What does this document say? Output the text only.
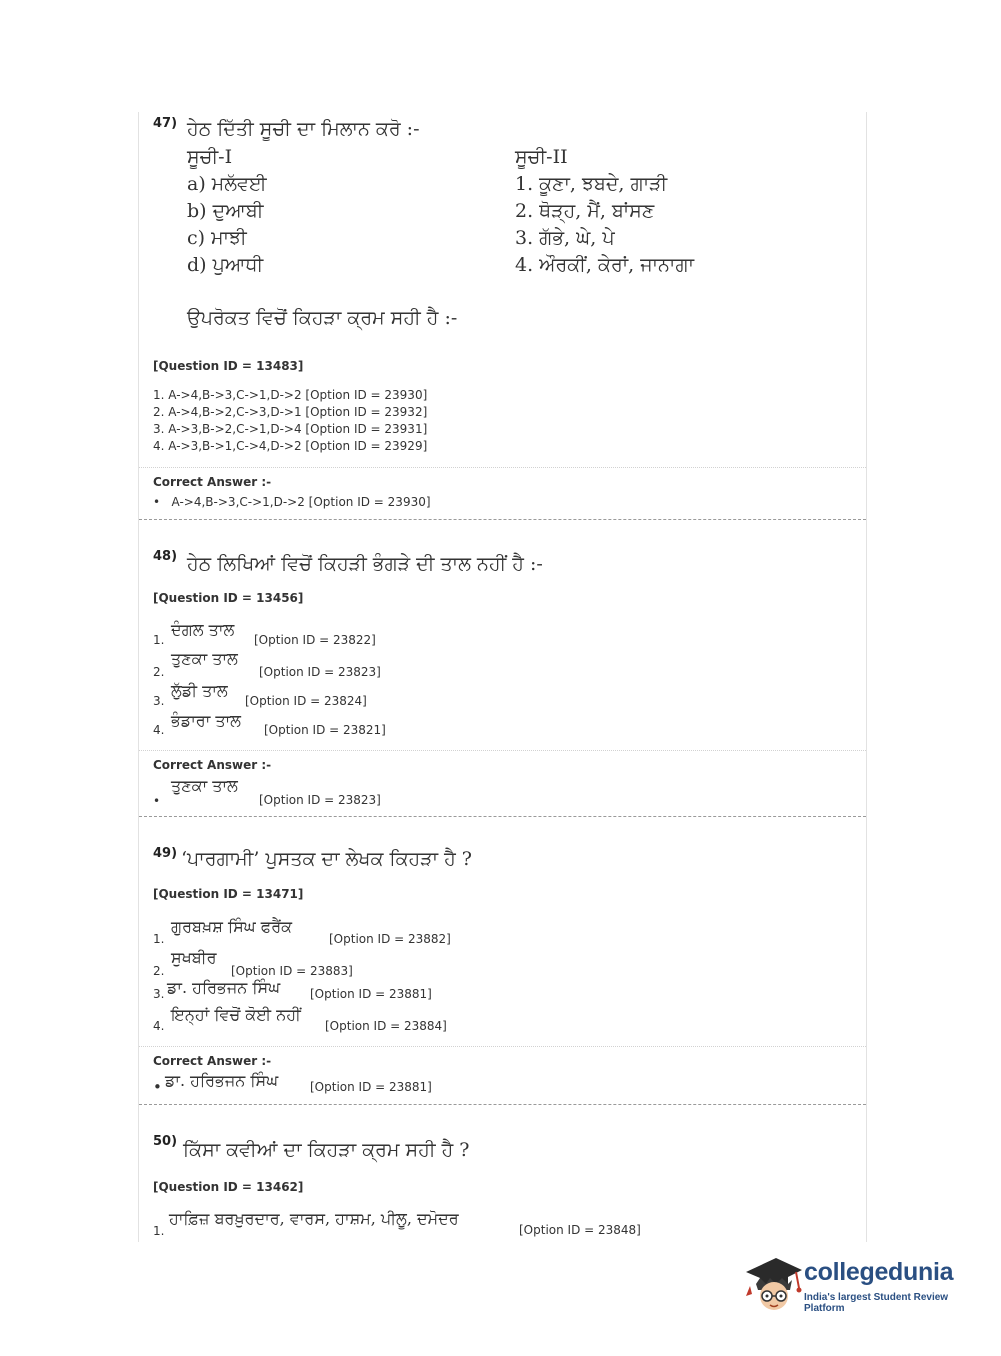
47) ਹੇਠ ਦਿੱਤੀ ਸੂਚੀ ਦਾ ਮਿਲਾਨ ਕਰੋ :-
ਸੂਚੀ-I	ਸੂਚੀ-II
a) ਮਲੱਵਈ
b) ਦੁਆਬੀ
c) ਮਾਝੀ
d) ਪੁਆਧੀ
1. ਕੂਣਾ, ਝਬਦੇ, ਗਾੜੀ
2. ਥੋੜ੍ਹ, ਮੈਂ, ਬਾਂਸਣ
3. ਗੱਭੇ, ਘੇ, ਪੇ
4. ਔਰਕੀਂ, ਕੇਰਾਂ, ਜਾਨਾਗਾ
ਉਪਰੋਕਤ ਵਿਚੋਂ ਕਿਹੜਾ ਕ੍ਰਮ ਸਹੀ ਹੈ :-
[Question ID = 13483]
1. A->4,B->3,C->1,D->2 [Option ID = 23930]
2. A->4,B->2,C->3,D->1 [Option ID = 23932]
3. A->3,B->2,C->1,D->4 [Option ID = 23931]
4. A->3,B->1,C->4,D->2 [Option ID = 23929]
Correct Answer :-
•   A->4,B->3,C->1,D->2 [Option ID = 23930]
48) ਹੇਠ ਲਿਖਿਆਂ ਵਿਚੋਂ ਕਿਹੜੀ ਭੰਗੜੇ ਦੀ ਤਾਲ ਨਹੀਂ ਹੈ :-
[Question ID = 13456]
1.
ਦੰਗਲ ਤਾਲ
[Option ID = 23822]
2.
ਤੁਣਕਾ ਤਾਲ
[Option ID = 23823]
3.
ਲੁੱਡੀ ਤਾਲ
[Option ID = 23824]
4. ਭੰਡਾਰਾ ਤਾਲ [Option ID = 23821]
Correct Answer :-
•
ਤੁਣਕਾ ਤਾਲ
[Option ID = 23823]
49) ‘ਪਾਰਗਾਮੀ’ ਪੁਸਤਕ ਦਾ ਲੇਖਕ ਕਿਹੜਾ ਹੈ ?
[Question ID = 13471]
1.
ਗੁਰਬਖ਼ਸ਼ ਸਿੰਘ ਫਰੈਂਕ
[Option ID = 23882]
2.
ਸੁਖਬੀਰ
[Option ID = 23883]
3. ਡਾ. ਹਰਿਭਜਨ ਸਿੰਘ [Option ID = 23881]
4.
ਇਨ੍ਹਾਂ ਵਿਚੋਂ ਕੋਈ ਨਹੀਂ
[Option ID = 23884]
Correct Answer :-
• ਡਾ. ਹਰਿਭਜਨ ਸਿੰਘ	[Option ID = 23881]
50) ਕਿੱਸਾ ਕਵੀਆਂ ਦਾ ਕਿਹੜਾ ਕ੍ਰਮ ਸਹੀ ਹੈ ?
[Question ID = 13462]
1.
ਹਾਫ਼ਿਜ਼ ਬਰਖ਼ੁਰਦਾਰ, ਵਾਰਸ, ਹਾਸ਼ਮ, ਪੀਲੂ, ਦਮੋਦਰ
[Option ID = 23848]
collegedunia
India's largest Student Review Platform
